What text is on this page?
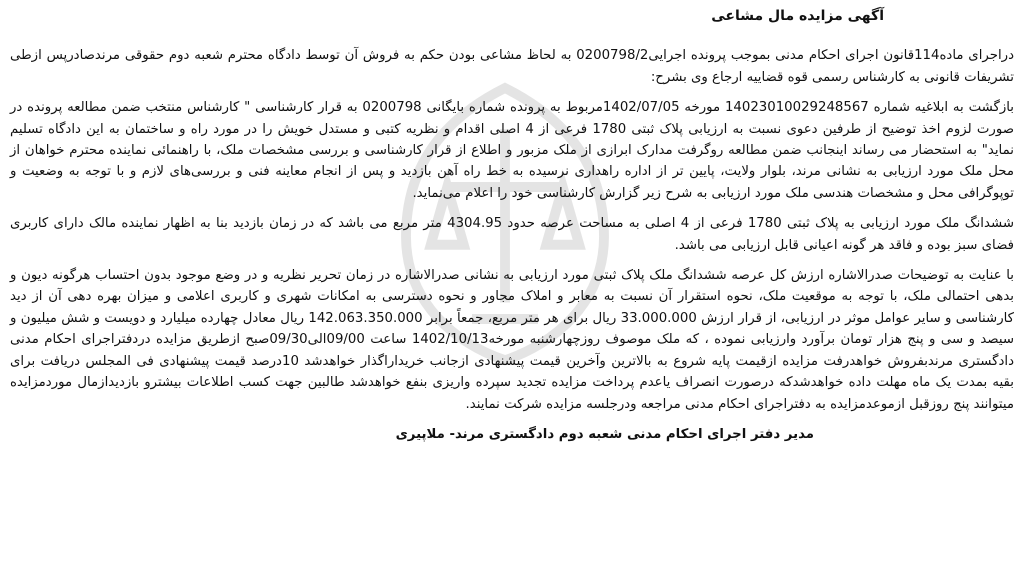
آگهی مزایده مال مشاعی

دراجرای ماده114قانون اجرای احکام مدنی بموجب پرونده اجرایی0200798/2 به لحاظ مشاعی بودن حکم به فروش آن توسط دادگاه محترم شعبه دوم حقوقی مرندصادرپس ازطی تشریفات قانونی به کارشناس رسمی قوه قضاییه ارجاع وی بشرح:

بازگشت به ابلاغیه شماره 14023010029248567 مورخه 1402/07/05مربوط به پرونده شماره بایگانی 0200798 به قرار کارشناسی " کارشناس منتخب ضمن مطالعه پرونده در صورت لزوم اخذ توضیح از طرفین دعوی نسبت به ارزیابی پلاک ثبتی 1780 فرعی از 4 اصلی اقدام و نظریه کتبی و مستدل خویش را در مورد راه و ساختمان به این دادگاه تسلیم نماید" به استحضار می رساند اینجانب ضمن مطالعه روگرفت مدارک ابرازی از ملک مزبور و اطلاع از قرار کارشناسی و بررسی مشخصات ملک، با راهنمائی نماینده محترم خواهان از محل ملک مورد ارزیابی به نشانی مرند، بلوار ولایت، پایین تر از اداره راهداری نرسیده به خط راه آهن بازدید و پس از انجام معاینه فنی و بررسی‌های لازم و با توجه به وضعیت و توپوگرافی محل و مشخصات هندسی ملک مورد ارزیابی به شرح زیر گزارش کارشناسی خود را اعلام می‌نماید.

ششدانگ ملک مورد ارزیابی به پلاک ثبتی 1780 فرعی از 4 اصلی به مساحت عرصه حدود 4304.95 متر مربع می باشد که در زمان بازدید بنا به اظهار نماینده مالک دارای کاربری فضای سبز بوده و فاقد هر گونه اعیانی قابل ارزیابی می باشد.

با عنایت به توضیحات صدرالاشاره ارزش کل عرصه ششدانگ ملک پلاک ثبتی مورد ارزیابی به نشانی صدرالاشاره در زمان تحریر نظریه و در وضع موجود بدون احتساب هرگونه دیون و بدهی احتمالی ملک، با توجه به موقعیت ملک، نحوه استقرار آن نسبت به معابر و املاک مجاور و نحوه دسترسی به امکانات شهری و کاربری اعلامی و میزان بهره دهی آن از دید کارشناسی و سایر عوامل موثر در ارزیابی، از قرار ارزش 33.000.000 ریال برای هر متر مربع، جمعاً برابر 142.063.350.000 ریال معادل چهارده میلیارد و دویست و شش میلیون و سیصد و سی و پنج هزار تومان برآورد وارزیابی نموده ، که ملک موصوف روزچهارشنبه مورخه1402/10/13 ساعت 09/00الی09/30صبح ازطریق مزایده دردفتراجرای احکام مدنی دادگستری مرندبفروش خواهدرفت مزایده ازقیمت پایه شروع به بالاترین وآخرین قیمت پیشنهادی ازجانب خریداراگذار خواهدشد 10درصد قیمت پیشنهادی فی المجلس دریافت برای بقیه بمدت یک ماه مهلت داده خواهدشدکه درصورت انصراف یاعدم پرداخت مزایده تجدید سپرده واریزی بنفع خواهدشد طالبین جهت کسب اطلاعات بیشترو بازدیدازمال موردمزایده میتوانند پنج روزقبل ازموعدمزایده به دفتراجرای احکام مدنی مراجعه ودرجلسه مزایده شرکت نمایند.

مدیر دفتر اجرای احکام مدنی شعبه دوم دادگستری مرند- ملاپیری
